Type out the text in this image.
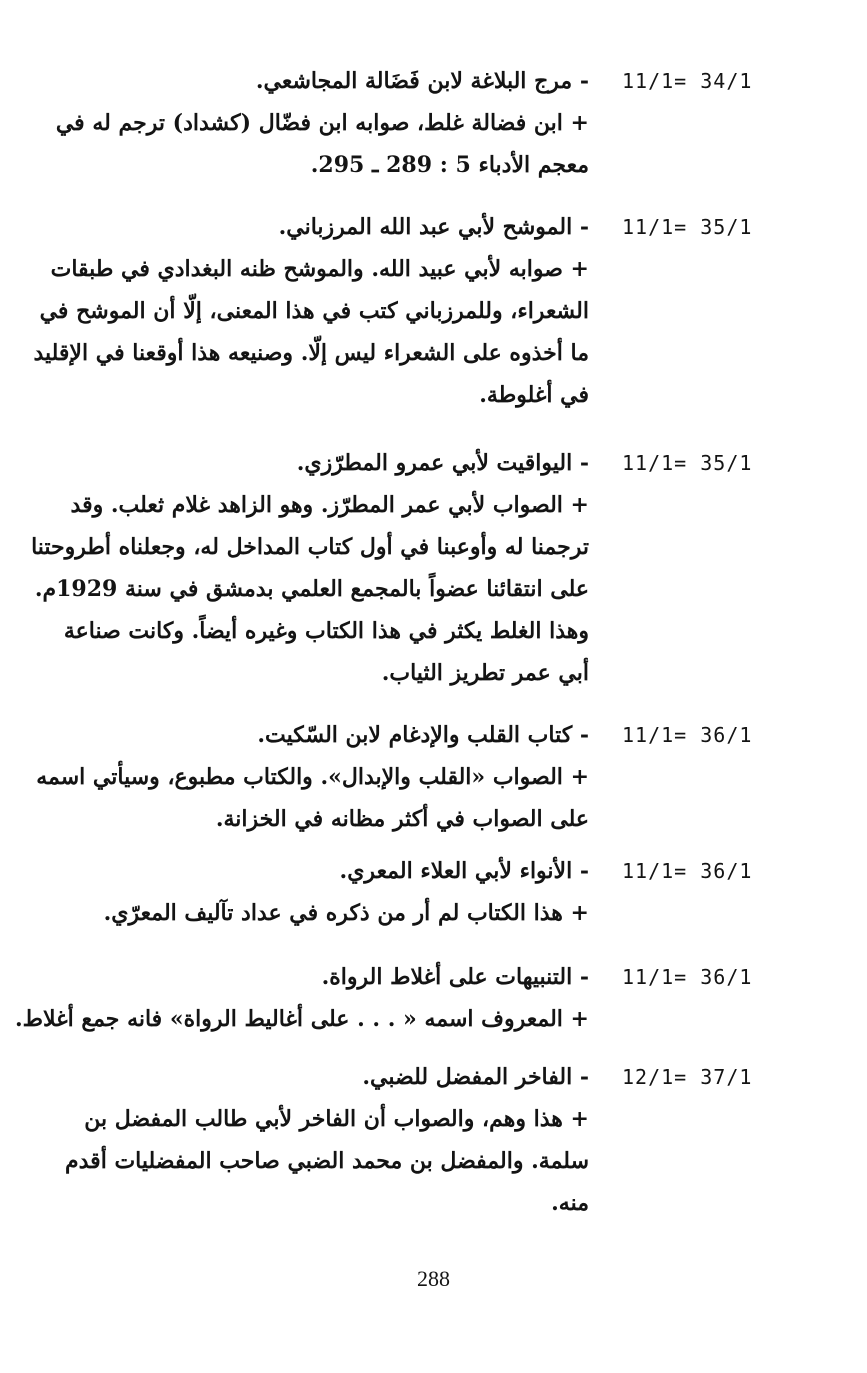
11/1= 34/1
- مرج البلاغة لابن فَضَالة المجاشعي.
+ ابن فضالة غلط، صوابه ابن فضّال (كشداد) ترجم له في
معجم الأدباء 5 : 289 ـ 295.
11/1= 35/1
- الموشح لأبي عبد الله المرزباني.
+ صوابه لأبي عبيد الله. والموشح ظنه البغدادي في طبقات
الشعراء، وللمرزباني كتب في هذا المعنى، إلّا أن الموشح في
ما أخذوه على الشعراء ليس إلّا. وصنيعه هذا أوقعنا في الإقليد
في أغلوطة.
11/1= 35/1
- اليواقيت لأبي عمرو المطرّزي.
+ الصواب لأبي عمر المطرّز. وهو الزاهد غلام ثعلب. وقد
ترجمنا له وأوعبنا في أول كتاب المداخل له، وجعلناه أطروحتنا
على انتقائنا عضواً بالمجمع العلمي بدمشق في سنة 1929م.
وهذا الغلط يكثر في هذا الكتاب وغيره أيضاً. وكانت صناعة
أبي عمر تطريز الثياب.
11/1= 36/1
- كتاب القلب والإدغام لابن السّكيت.
+ الصواب «القلب والإبدال». والكتاب مطبوع، وسيأتي اسمه
على الصواب في أكثر مظانه في الخزانة.
11/1= 36/1
- الأنواء لأبي العلاء المعري.
+ هذا الكتاب لم أر من ذكره في عداد تآليف المعرّي.
11/1= 36/1
- التنبيهات على أغلاط الرواة.
+ المعروف اسمه « . . . على أغاليط الرواة» فانه جمع أغلاط.
12/1= 37/1
- الفاخر المفضل للضبي.
+ هذا وهم، والصواب أن الفاخر لأبي طالب المفضل بن
سلمة. والمفضل بن محمد الضبي صاحب المفضليات أقدم
منه.
288
